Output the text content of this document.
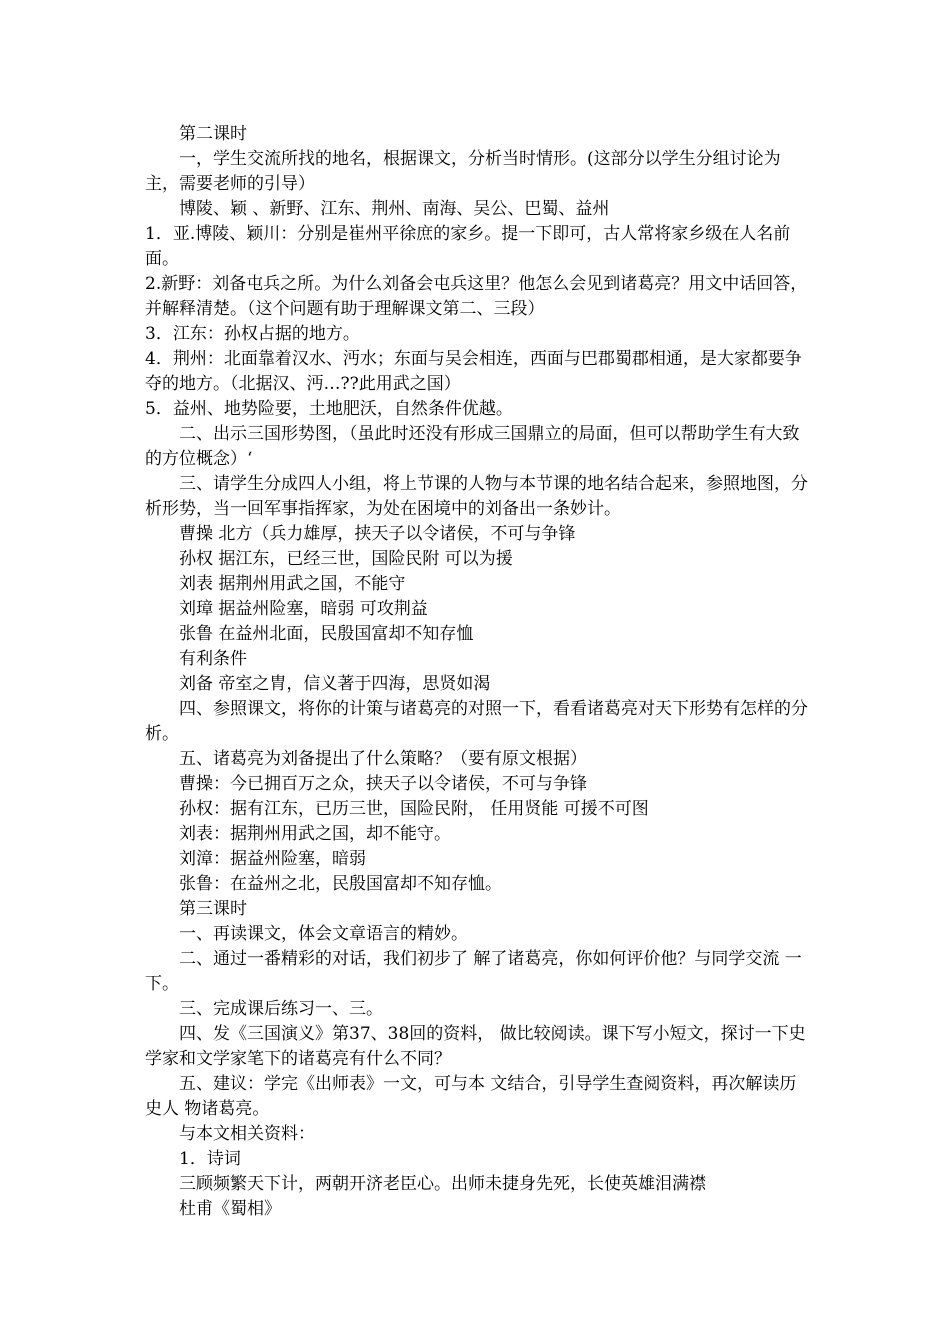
第二课时

一，学生交流所找的地名，根据课文，分析当时情形。(这部分以学生分组讨论为主，需要老师的引导）

博陵、颖 、新野、江东、荆州、南海、吴公、巴蜀、益州

1．亚.博陵、颖川：分别是崔州平徐庶的家乡。提一下即可，古人常将家乡级在人名前面。

2.新野：刘备屯兵之所。为什么刘备会屯兵这里？他怎么会见到诸葛亮？用文中话回答，并解释清楚。（这个问题有助于理解课文第二、三段）

3．江东：孙权占据的地方。

4．荆州：北面靠着汉水、沔水；东面与吴会相连，西面与巴郡蜀郡相通，是大家都要争夺的地方。（北据汉、沔…??此用武之国）

5．益州、地势险要，土地肥沃，自然条件优越。

二、出示三国形势图，（虽此时还没有形成三国鼎立的局面，但可以帮助学生有大致的方位概念）‘

三、请学生分成四人小组，将上节课的人物与本节课的地名结合起来，参照地图，分析形势，当一回军事指挥家，为处在困境中的刘备出一条妙计。

曹操 北方（兵力雄厚，挟天子以令诸侯，不可与争锋

孙权 据江东，已经三世，国险民附 可以为援

刘表 据荆州用武之国，不能守

刘璋 据益州险塞，暗弱 可攻荆益

张鲁 在益州北面，民殷国富却不知存恤

有利条件

刘备 帝室之胄，信义著于四海，思贤如渴

四、参照课文，将你的计策与诸葛亮的对照一下，看看诸葛亮对天下形势有怎样的分析。

五、诸葛亮为刘备提出了什么策略？（要有原文根据）

曹操：今已拥百万之众，挟天子以令诸侯，不可与争锋

孙权：据有江东，已历三世，国险民附， 任用贤能 可援不可图

刘表：据荆州用武之国，却不能守。

刘漳：据益州险塞，暗弱

张鲁：在益州之北，民殷国富却不知存恤。

第三课时

一、再读课文，体会文章语言的精妙。

二、通过一番精彩的对话，我们初步了 解了诸葛亮，你如何评价他？与同学交流 一下。

三、完成课后练习一、三。

四、发《三国演义》第37、38回的资料， 做比较阅读。课下写小短文，探讨一下史学家和文学家笔下的诸葛亮有什么不同？

五、建议：学完《出师表》一文，可与本 文结合，引导学生查阅资料，再次解读历史人 物诸葛亮。

与本文相关资料：

1．诗词

三顾频繁天下计，两朝开济老臣心。出师未捷身先死，长使英雄泪满襟

杜甫《蜀相》
